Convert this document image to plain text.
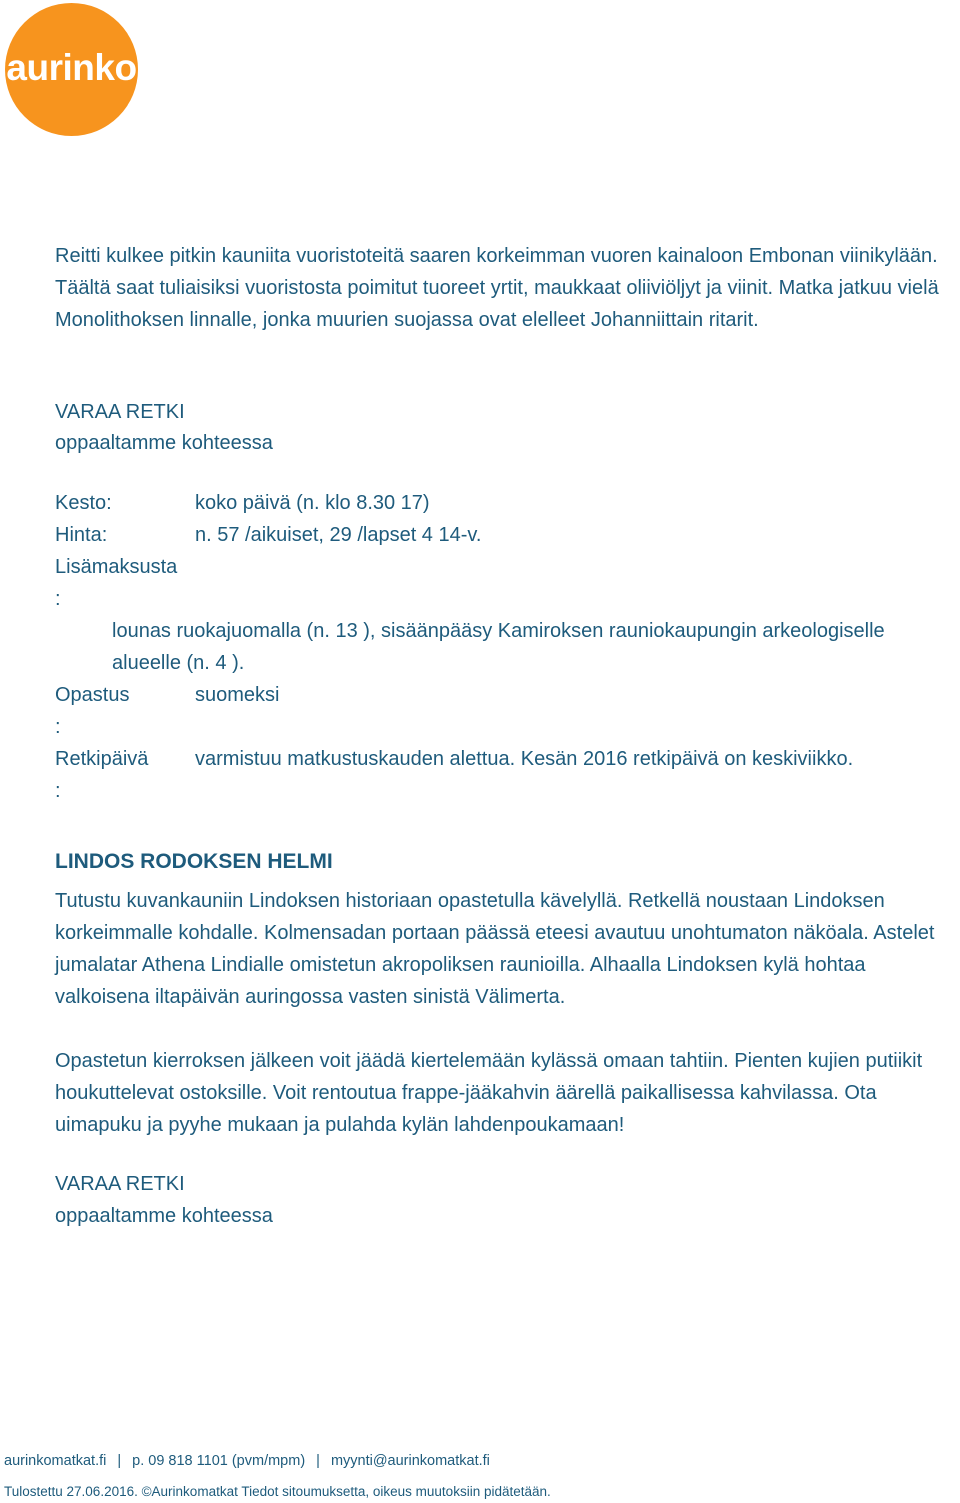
aurinko

Reitti kulkee pitkin kauniita vuoristoteitä saaren korkeimman vuoren kainaloon Embonan viinikylään. Täältä saat tuliaisiksi vuoristosta poimitut tuoreet yrtit, maukkaat oliiviöljyt ja viinit. Matka jatkuu vielä Monolithoksen linnalle, jonka muurien suojassa ovat elelleet Johanniittain ritarit.

VARAA RETKI
oppaaltamme kohteessa
Kesto:	koko päivä (n. klo 8.30 17)
Hinta:	n. 57 /aikuiset, 29 /lapset 4 14-v.
Lisämaksusta
:
lounas ruokajuomalla (n. 13 ), sisäänpääsy Kamiroksen rauniokaupungin arkeologiselle
alueelle (n. 4 ).
Opastus	suomeksi
:
Retkipäivä varmistuu matkustuskauden alettua. Kesän 2016 retkipäivä on keskiviikko.
:
LINDOS RODOKSEN HELMI

Tutustu kuvankauniin Lindoksen historiaan opastetulla kävelyllä. Retkellä noustaan Lindoksen korkeimmalle kohdalle. Kolmensadan portaan päässä eteesi avautuu unohtumaton näköala. Astelet jumalatar Athena Lindialle omistetun akropoliksen raunioilla. Alhaalla Lindoksen kylä hohtaa valkoisena iltapäivän auringossa vasten sinistä Välimerta.

Opastetun kierroksen jälkeen voit jäädä kiertelemään kylässä omaan tahtiin. Pienten kujien putiikit houkuttelevat ostoksille. Voit rentoutua frappe-jääkahvin äärellä paikallisessa kahvilassa. Ota uimapuku ja pyyhe mukaan ja pulahda kylän lahdenpoukamaan!

VARAA RETKI
oppaaltamme kohteessa
aurinkomatkat.fi | p. 09 818 1101 (pvm/mpm) | myynti@aurinkomatkat.fi
Tulostettu 27.06.2016. ©Aurinkomatkat Tiedot sitoumuksetta, oikeus muutoksiin pidätetään.
